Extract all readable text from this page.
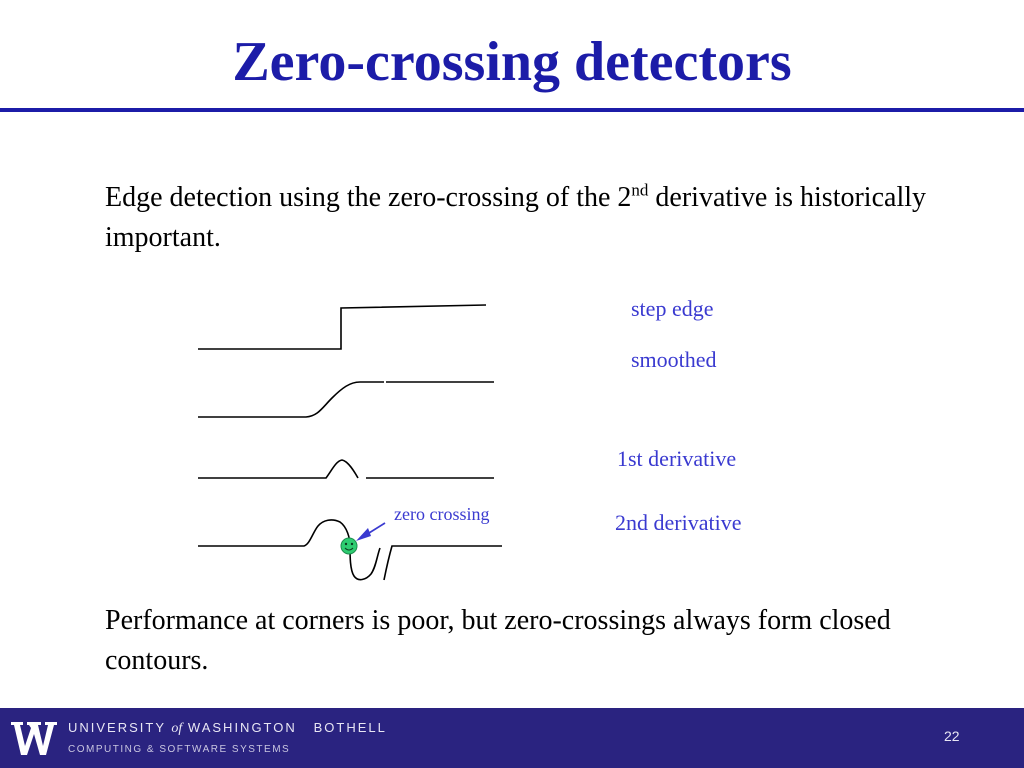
Zero-crossing detectors
Edge detection using the zero-crossing of the 2nd derivative is historically important.
step edge
smoothed
1st derivative
2nd derivative
zero crossing
Performance at corners is poor, but zero-crossings always form closed contours.
UNIVERSITY of WASHINGTON BOTHELL
COMPUTING & SOFTWARE SYSTEMS
22
